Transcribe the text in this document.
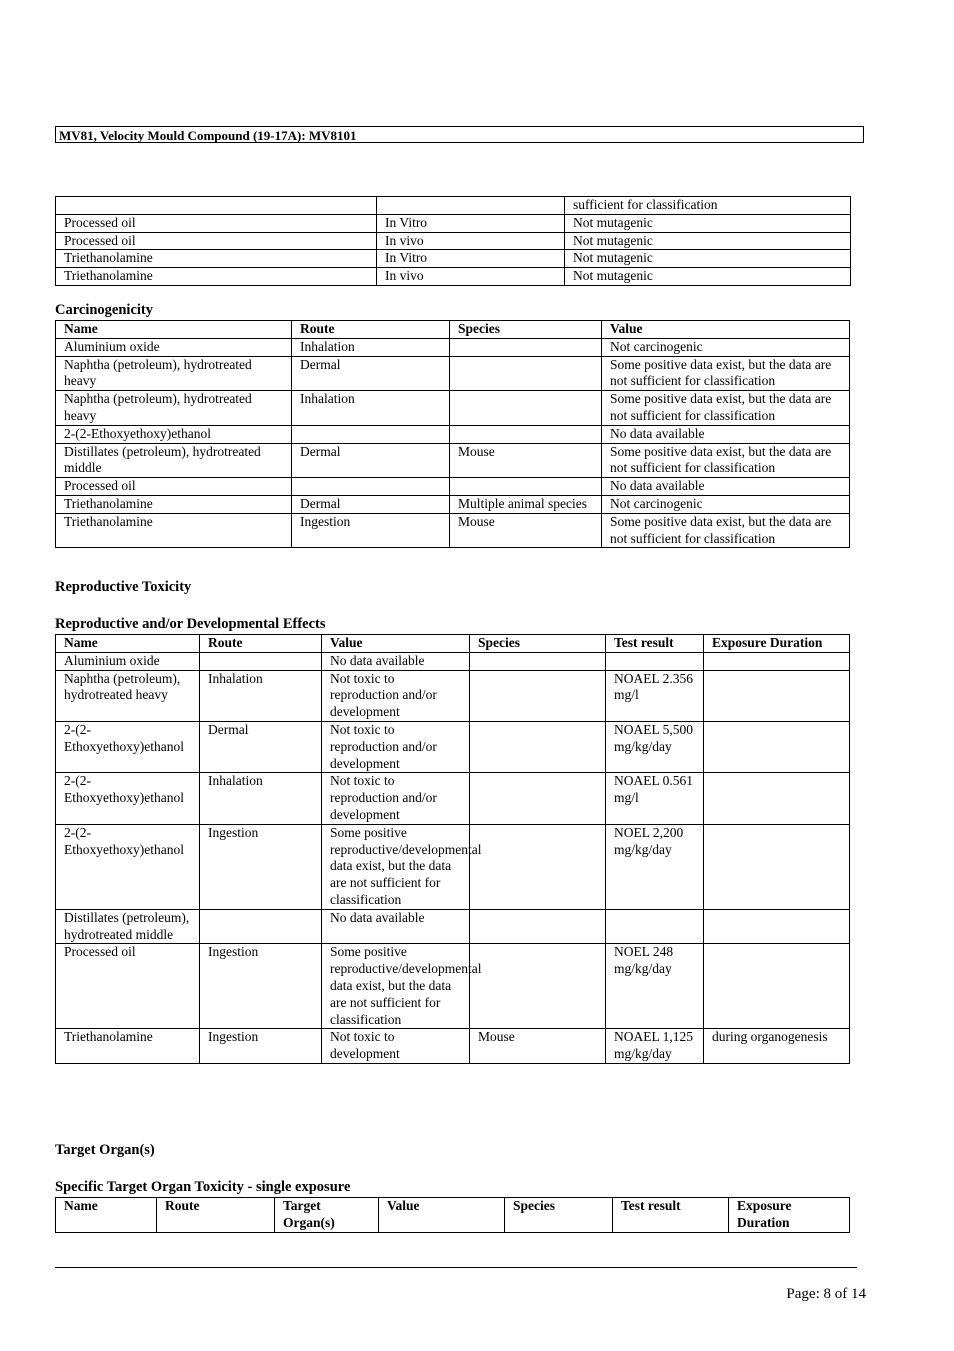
MV81, Velocity Mould Compound (19-17A): MV8101
		sufficient for classification
Processed oil	In Vitro	Not mutagenic
Processed oil	In vivo	Not mutagenic
Triethanolamine	In Vitro	Not mutagenic
Triethanolamine	In vivo	Not mutagenic
Carcinogenicity
Name	Route	Species	Value
Aluminium oxide	Inhalation		Not carcinogenic
Naphtha (petroleum), hydrotreated heavy	Dermal		Some positive data exist, but the data are not sufficient for classification
Naphtha (petroleum), hydrotreated heavy	Inhalation		Some positive data exist, but the data are not sufficient for classification
2-(2-Ethoxyethoxy)ethanol			No data available
Distillates (petroleum), hydrotreated middle	Dermal	Mouse	Some positive data exist, but the data are not sufficient for classification
Processed oil			No data available
Triethanolamine	Dermal	Multiple animal species	Not carcinogenic
Triethanolamine	Ingestion	Mouse	Some positive data exist, but the data are not sufficient for classification
Reproductive Toxicity
Reproductive and/or Developmental Effects
Name	Route	Value	Species	Test result	Exposure Duration
Aluminium oxide		No data available			
Naphtha (petroleum), hydrotreated heavy	Inhalation	Not toxic to reproduction and/or development		NOAEL 2.356 mg/l	
2-(2-Ethoxyethoxy)ethanol	Dermal	Not toxic to reproduction and/or development		NOAEL 5,500 mg/kg/day	
2-(2-Ethoxyethoxy)ethanol	Inhalation	Not toxic to reproduction and/or development		NOAEL 0.561 mg/l	
2-(2-Ethoxyethoxy)ethanol	Ingestion	Some positive reproductive/developmental data exist, but the data are not sufficient for classification		NOEL 2,200 mg/kg/day	
Distillates (petroleum), hydrotreated middle		No data available			
Processed oil	Ingestion	Some positive reproductive/developmental data exist, but the data are not sufficient for classification		NOEL 248 mg/kg/day	
Triethanolamine	Ingestion	Not toxic to development	Mouse	NOAEL 1,125 mg/kg/day	during organogenesis
Target Organ(s)
Specific Target Organ Toxicity - single exposure
Name	Route	Target Organ(s)	Value	Species	Test result	Exposure Duration
Page: 8 of 14
